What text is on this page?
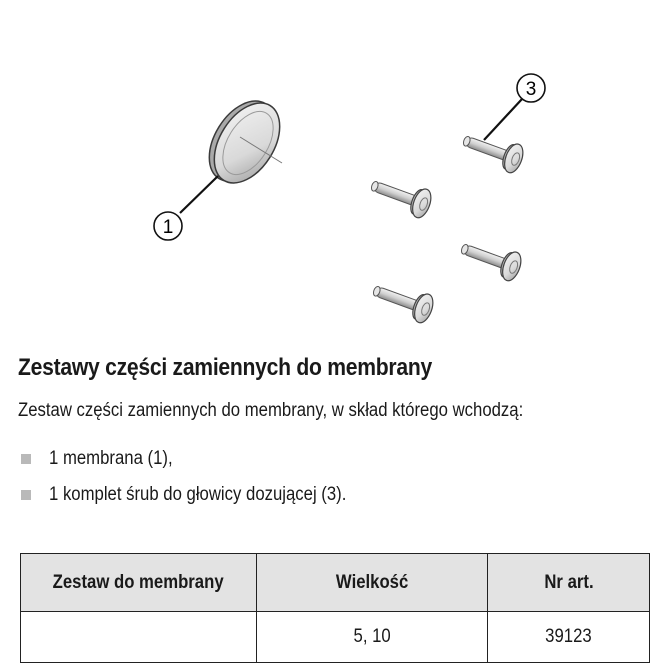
1
3
Zestawy części zamiennych do membrany

Zestaw części zamiennych do membrany, w skład którego wchodzą:

1 membrana (1),
1 komplet śrub do głowicy dozującej (3).
Zestaw do membrany	Wielkość	Nr art.
	5, 10	39123
